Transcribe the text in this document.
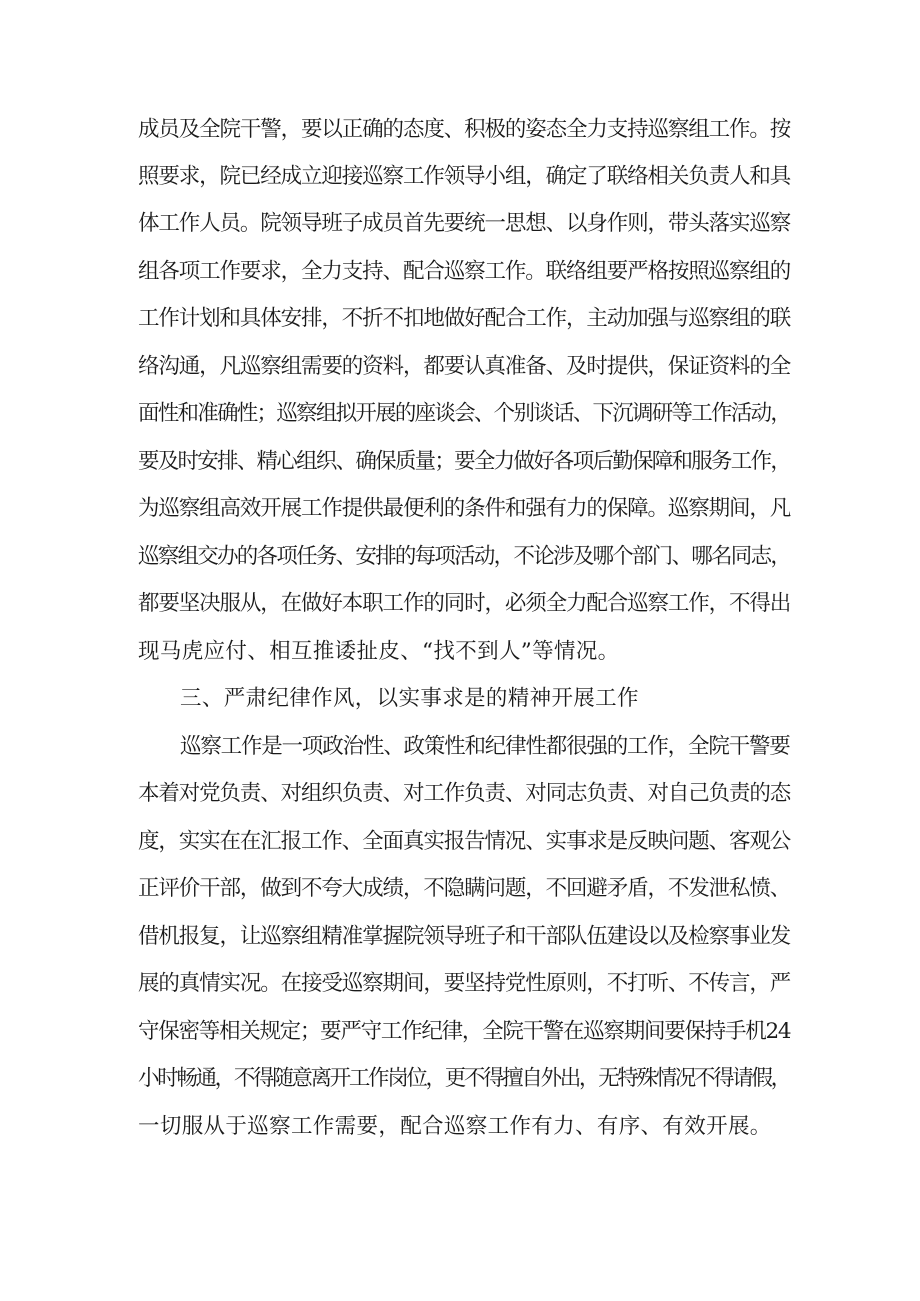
成员及全院干警，要以正确的态度、积极的姿态全力支持巡察组工作。按

照要求，院已经成立迎接巡察工作领导小组，确定了联络相关负责人和具

体工作人员。院领导班子成员首先要统一思想、以身作则，带头落实巡察

组各项工作要求，全力支持、配合巡察工作。联络组要严格按照巡察组的

工作计划和具体安排，不折不扣地做好配合工作，主动加强与巡察组的联

络沟通，凡巡察组需要的资料，都要认真准备、及时提供，保证资料的全

面性和准确性；巡察组拟开展的座谈会、个别谈话、下沉调研等工作活动，

要及时安排、精心组织、确保质量；要全力做好各项后勤保障和服务工作，

为巡察组高效开展工作提供最便利的条件和强有力的保障。巡察期间，凡

巡察组交办的各项任务、安排的每项活动，不论涉及哪个部门、哪名同志，

都要坚决服从，在做好本职工作的同时，必须全力配合巡察工作，不得出

现马虎应付、相互推诿扯皮、“找不到人”等情况。

三、严肃纪律作风，以实事求是的精神开展工作

巡察工作是一项政治性、政策性和纪律性都很强的工作，全院干警要

本着对党负责、对组织负责、对工作负责、对同志负责、对自己负责的态

度，实实在在汇报工作、全面真实报告情况、实事求是反映问题、客观公

正评价干部，做到不夸大成绩，不隐瞒问题，不回避矛盾，不发泄私愤、

借机报复，让巡察组精准掌握院领导班子和干部队伍建设以及检察事业发

展的真情实况。在接受巡察期间，要坚持党性原则，不打听、不传言，严

守保密等相关规定；要严守工作纪律，全院干警在巡察期间要保持手机24

小时畅通，不得随意离开工作岗位，更不得擅自外出，无特殊情况不得请假，

一切服从于巡察工作需要，配合巡察工作有力、有序、有效开展。
